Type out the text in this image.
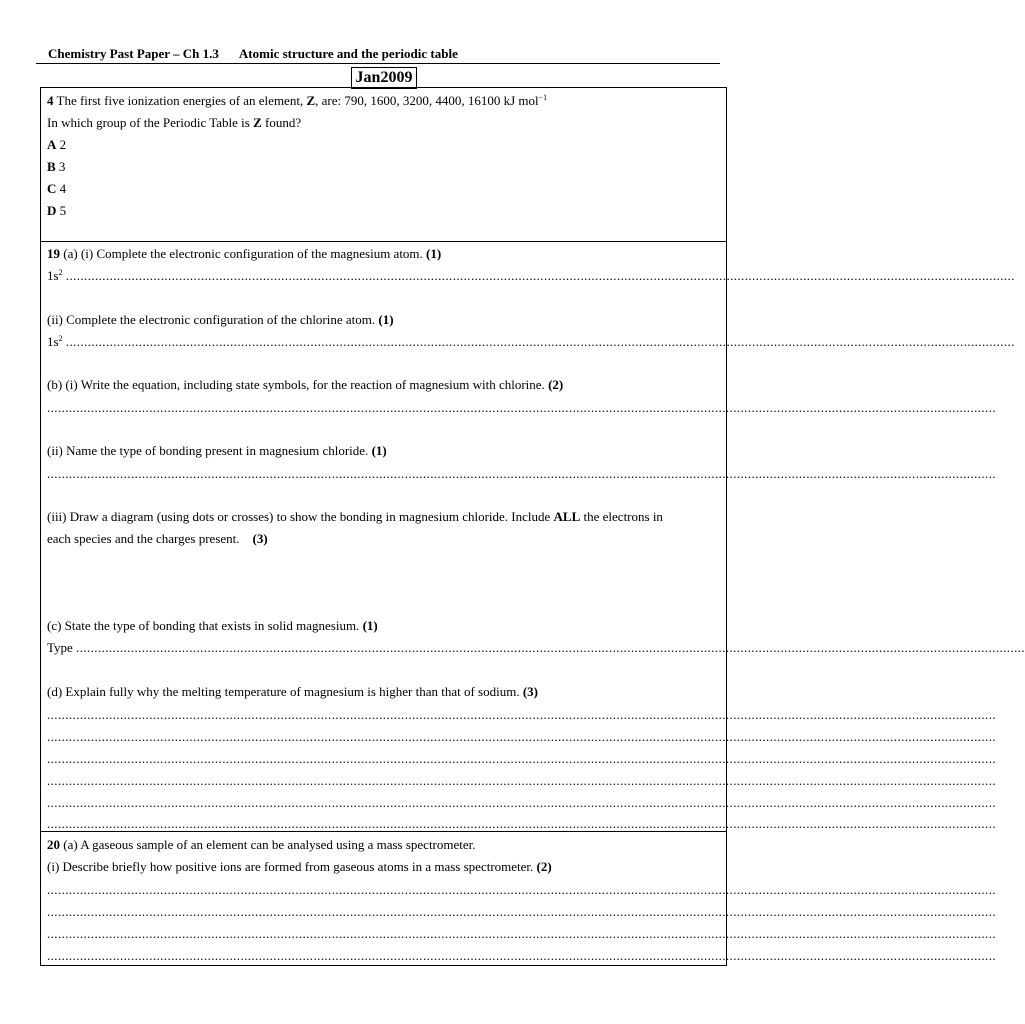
Chemistry Past Paper – Ch 1.3 Atomic structure and the periodic table
Jan2009
4 The first five ionization energies of an element, Z, are: 790, 1600, 3200, 4400, 16100 kJ mol$^{-1}$
In which group of the Periodic Table is Z found?
A 2
B 3
C 4
D 5
19 (a) (i) Complete the electronic configuration of the magnesium atom. (1)
$1s^2$ ....................................................................................................................................................................................................................................................................
(ii) Complete the electronic configuration of the chlorine atom. (1)
$1s^2$ ....................................................................................................................................................................................................................................................................
(b) (i) Write the equation, including state symbols, for the reaction of magnesium with chlorine. (2)
....................................................................................................................................................................................................................................................................
(ii) Name the type of bonding present in magnesium chloride. (1)
....................................................................................................................................................................................................................................................................
(iii) Draw a diagram (using dots or crosses) to show the bonding in magnesium chloride. Include ALL the electrons in
each species and the charges present. (3)
(c) State the type of bonding that exists in solid magnesium. (1)
Type ....................................................................................................................................................................................................................................................................
(d) Explain fully why the melting temperature of magnesium is higher than that of sodium. (3)
....................................................................................................................................................................................................................................................................
....................................................................................................................................................................................................................................................................
....................................................................................................................................................................................................................................................................
....................................................................................................................................................................................................................................................................
....................................................................................................................................................................................................................................................................
....................................................................................................................................................................................................................................................................
20 (a) A gaseous sample of an element can be analysed using a mass spectrometer.
(i) Describe briefly how positive ions are formed from gaseous atoms in a mass spectrometer. (2)
....................................................................................................................................................................................................................................................................
....................................................................................................................................................................................................................................................................
....................................................................................................................................................................................................................................................................
....................................................................................................................................................................................................................................................................
